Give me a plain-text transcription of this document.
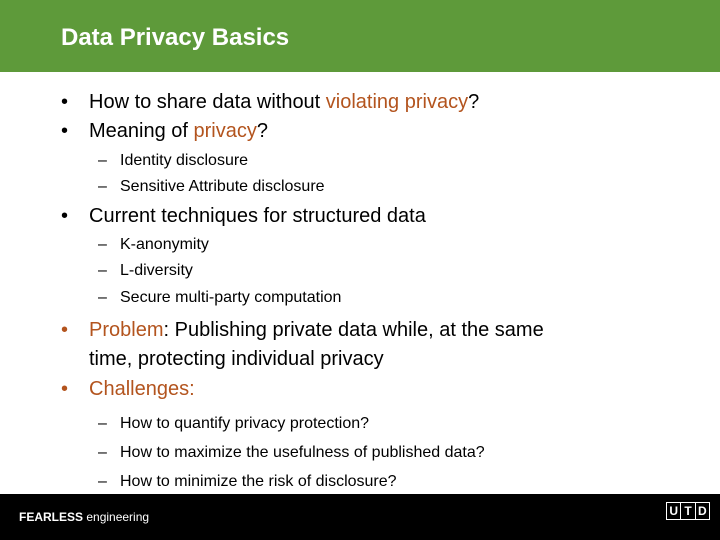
Data Privacy Basics
• How to share data without violating privacy?
• Meaning of privacy?
– Identity disclosure
– Sensitive Attribute disclosure
• Current techniques for structured data
– K-anonymity
– L-diversity
– Secure multi-party computation
• Problem: Publishing private data while, at the same
time, protecting individual privacy
• Challenges:
– How to quantify privacy protection?
– How to maximize the usefulness of published data?
– How to minimize the risk of disclosure?
FEARLESS engineering	U T D
